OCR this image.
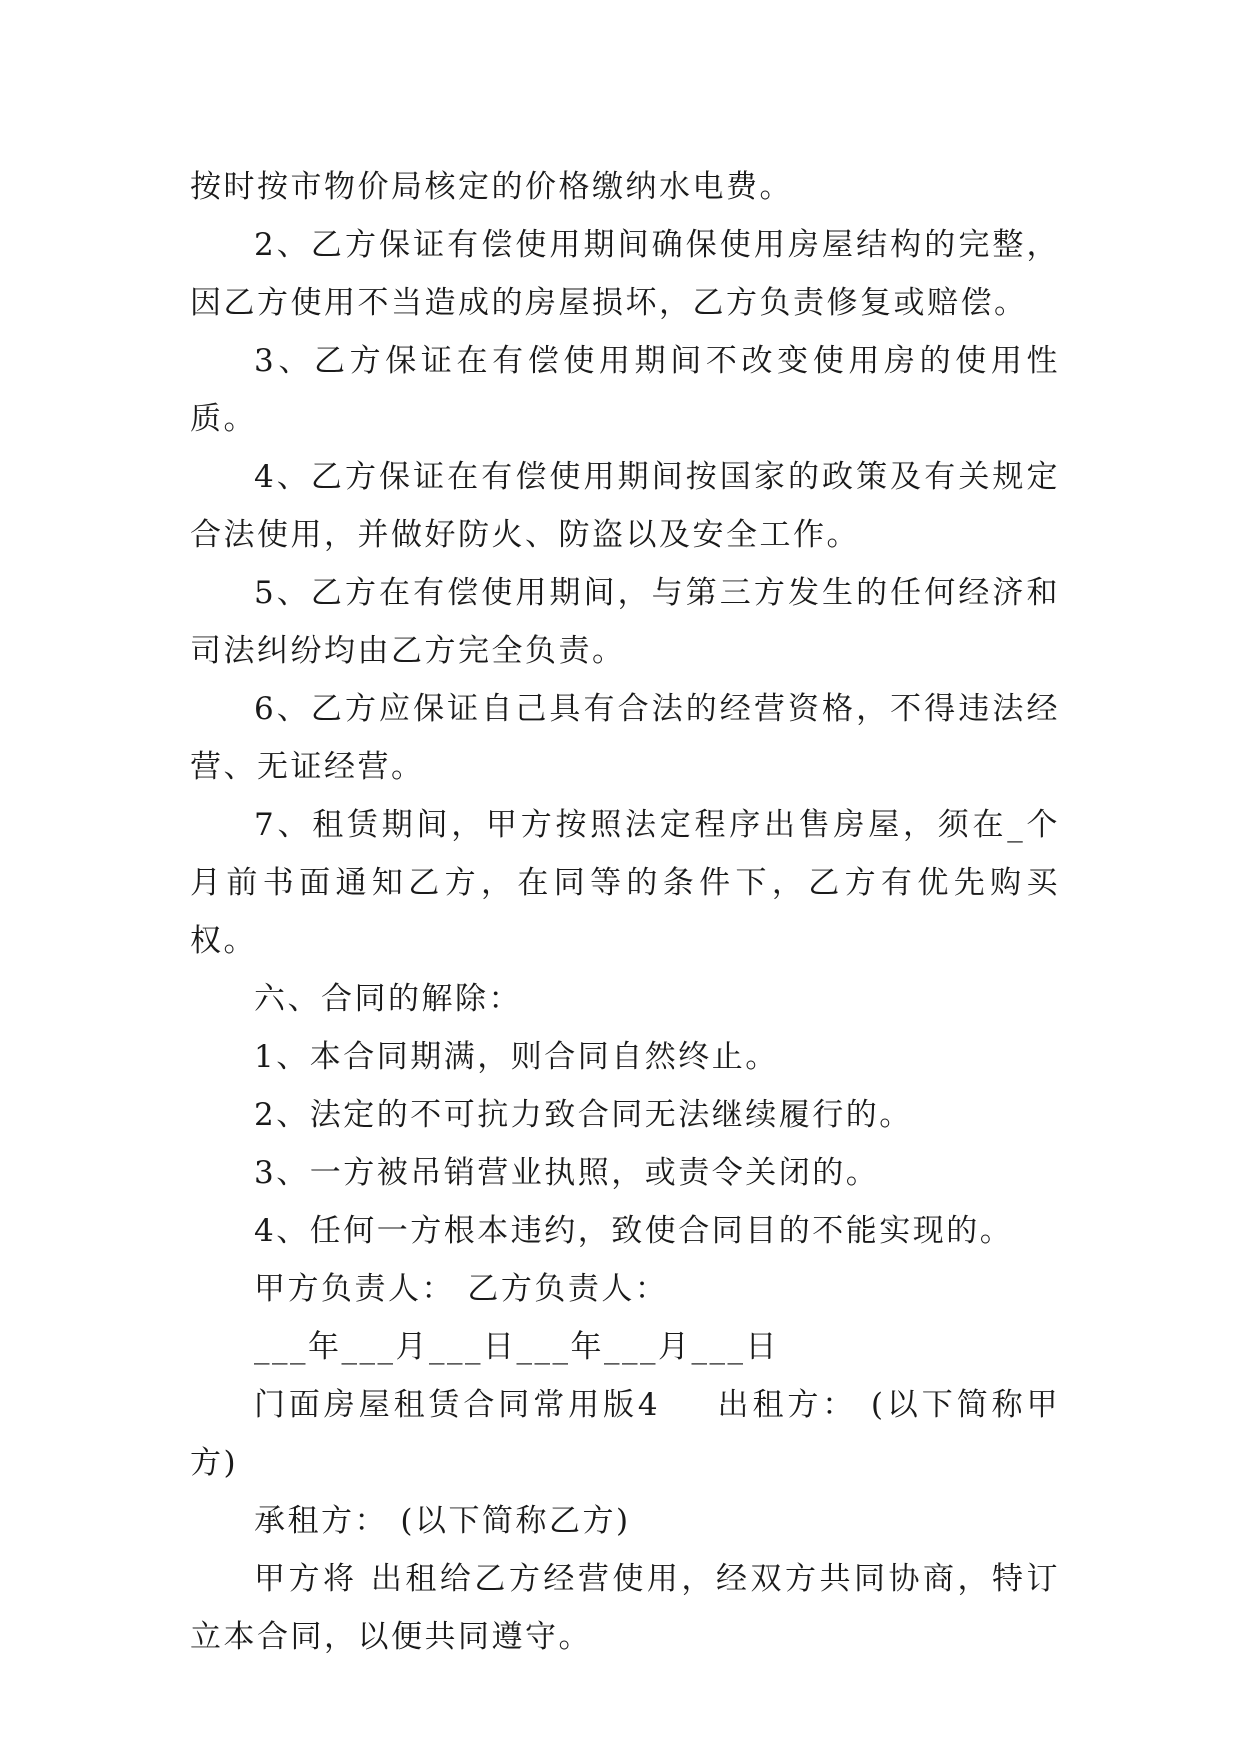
按时按市物价局核定的价格缴纳水电费。

2、乙方保证有偿使用期间确保使用房屋结构的完整，因乙方使用不当造成的房屋损坏，乙方负责修复或赔偿。

3、乙方保证在有偿使用期间不改变使用房的使用性质。

4、乙方保证在有偿使用期间按国家的政策及有关规定合法使用，并做好防火、防盗以及安全工作。

5、乙方在有偿使用期间，与第三方发生的任何经济和司法纠纷均由乙方完全负责。

6、乙方应保证自己具有合法的经营资格，不得违法经营、无证经营。

7、租赁期间，甲方按照法定程序出售房屋，须在_个月前书面通知乙方，在同等的条件下，乙方有优先购买权。

六、合同的解除：

1、本合同期满，则合同自然终止。

2、法定的不可抗力致合同无法继续履行的。

3、一方被吊销营业执照，或责令关闭的。

4、任何一方根本违约，致使合同目的不能实现的。

甲方负责人： 乙方负责人：

___年___月___日___年___月___日

门面房屋租赁合同常用版4 出租方： (以下简称甲方)

承租方： (以下简称乙方)

甲方将 出租给乙方经营使用，经双方共同协商，特订立本合同，以便共同遵守。
